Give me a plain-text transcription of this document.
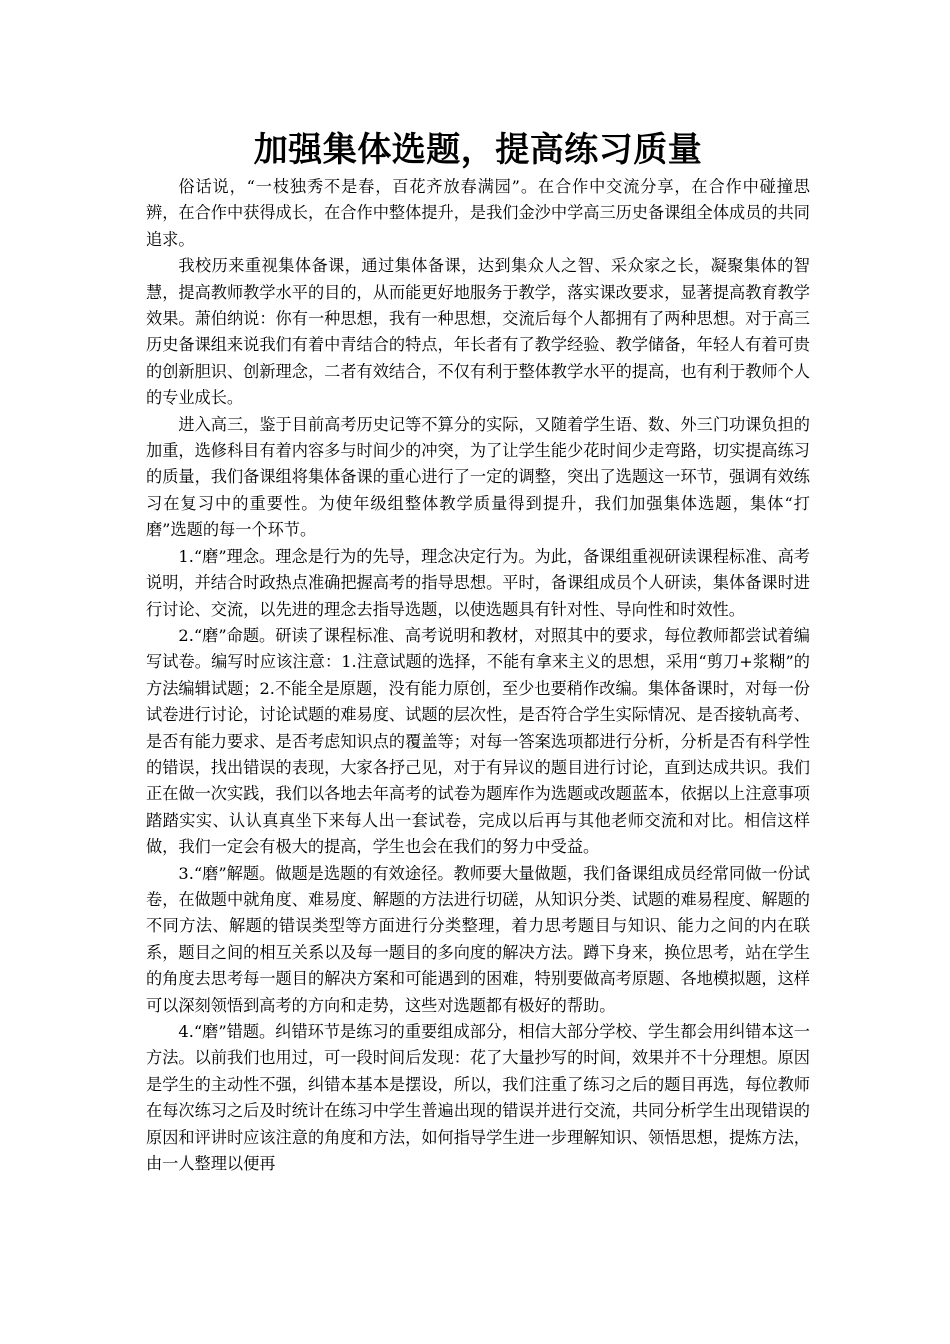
加强集体选题，提高练习质量

俗话说，“一枝独秀不是春，百花齐放春满园”。在合作中交流分享，在合作中碰撞思辨，在合作中获得成长，在合作中整体提升，是我们金沙中学高三历史备课组全体成员的共同追求。

我校历来重视集体备课，通过集体备课，达到集众人之智、采众家之长，凝聚集体的智慧，提高教师教学水平的目的，从而能更好地服务于教学，落实课改要求，显著提高教育教学效果。萧伯纳说：你有一种思想，我有一种思想，交流后每个人都拥有了两种思想。对于高三历史备课组来说我们有着中青结合的特点，年长者有了教学经验、教学储备，年轻人有着可贵的创新胆识、创新理念，二者有效结合，不仅有利于整体教学水平的提高，也有利于教师个人的专业成长。

进入高三，鉴于目前高考历史记等不算分的实际，又随着学生语、数、外三门功课负担的加重，选修科目有着内容多与时间少的冲突，为了让学生能少花时间少走弯路，切实提高练习的质量，我们备课组将集体备课的重心进行了一定的调整，突出了选题这一环节，强调有效练习在复习中的重要性。为使年级组整体教学质量得到提升，我们加强集体选题，集体“打磨”选题的每一个环节。

1.“磨”理念。理念是行为的先导，理念决定行为。为此，备课组重视研读课程标准、高考说明，并结合时政热点准确把握高考的指导思想。平时，备课组成员个人研读，集体备课时进行讨论、交流，以先进的理念去指导选题，以使选题具有针对性、导向性和时效性。

2.“磨”命题。研读了课程标准、高考说明和教材，对照其中的要求，每位教师都尝试着编写试卷。编写时应该注意：1.注意试题的选择，不能有拿来主义的思想，采用“剪刀+浆糊”的方法编辑试题；2.不能全是原题，没有能力原创，至少也要稍作改编。集体备课时，对每一份试卷进行讨论，讨论试题的难易度、试题的层次性，是否符合学生实际情况、是否接轨高考、是否有能力要求、是否考虑知识点的覆盖等；对每一答案选项都进行分析，分析是否有科学性的错误，找出错误的表现，大家各抒己见，对于有异议的题目进行讨论，直到达成共识。我们正在做一次实践，我们以各地去年高考的试卷为题库作为选题或改题蓝本，依据以上注意事项踏踏实实、认认真真坐下来每人出一套试卷，完成以后再与其他老师交流和对比。相信这样做，我们一定会有极大的提高，学生也会在我们的努力中受益。

3.“磨”解题。做题是选题的有效途径。教师要大量做题，我们备课组成员经常同做一份试卷，在做题中就角度、难易度、解题的方法进行切磋，从知识分类、试题的难易程度、解题的不同方法、解题的错误类型等方面进行分类整理，着力思考题目与知识、能力之间的内在联系，题目之间的相互关系以及每一题目的多向度的解决方法。蹲下身来，换位思考，站在学生的角度去思考每一题目的解决方案和可能遇到的困难，特别要做高考原题、各地模拟题，这样可以深刻领悟到高考的方向和走势，这些对选题都有极好的帮助。

4.“磨”错题。纠错环节是练习的重要组成部分，相信大部分学校、学生都会用纠错本这一方法。以前我们也用过，可一段时间后发现：花了大量抄写的时间，效果并不十分理想。原因是学生的主动性不强，纠错本基本是摆设，所以，我们注重了练习之后的题目再选，每位教师在每次练习之后及时统计在练习中学生普遍出现的错误并进行交流，共同分析学生出现错误的原因和评讲时应该注意的角度和方法，如何指导学生进一步理解知识、领悟思想，提炼方法，由一人整理以便再
